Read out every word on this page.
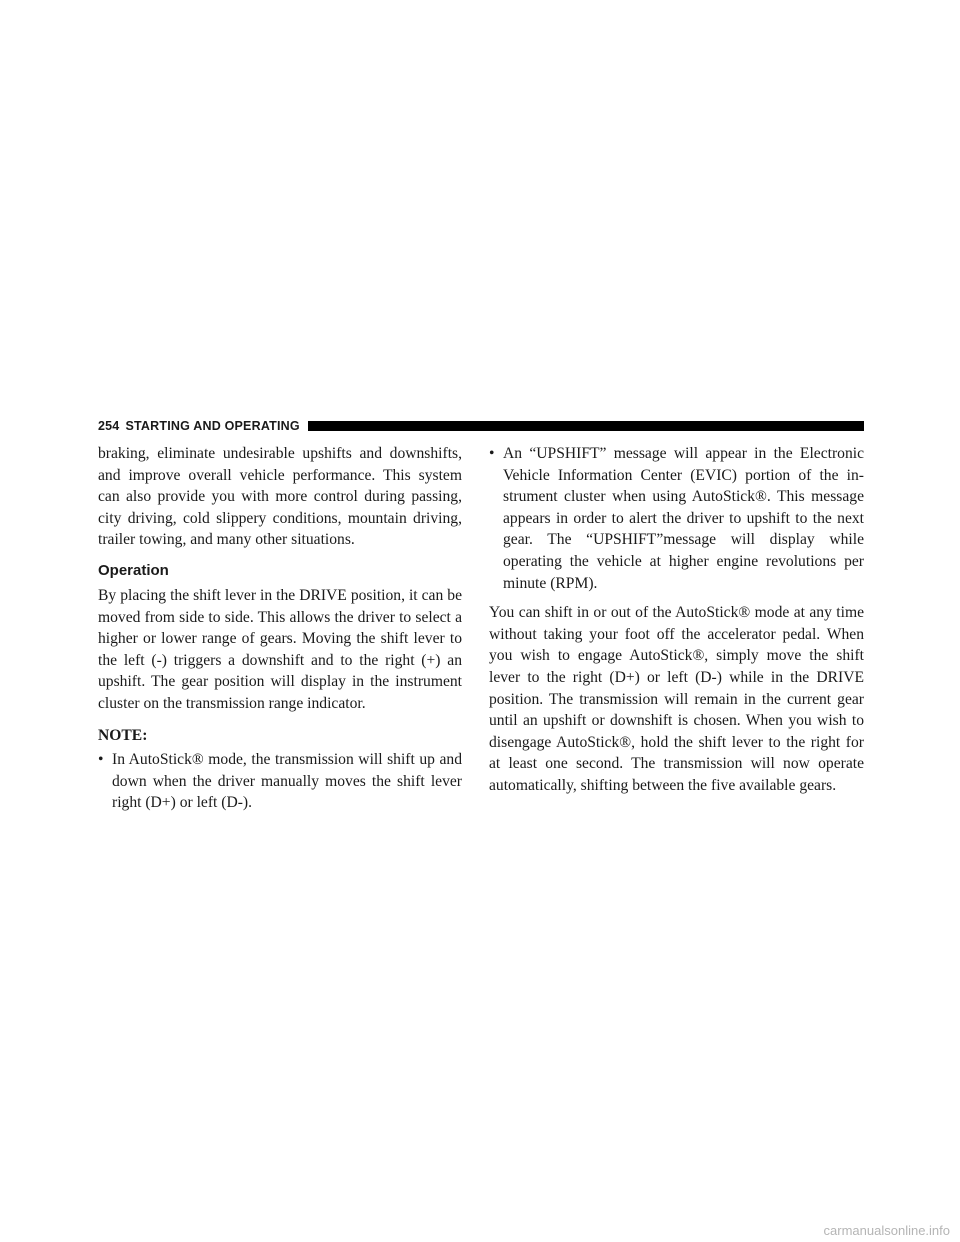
254 STARTING AND OPERATING

braking, eliminate undesirable upshifts and downshifts, and improve overall vehicle performance. This system can also provide you with more control during passing, city driving, cold slippery conditions, mountain driving, trailer towing, and many other situations.

Operation

By placing the shift lever in the DRIVE position, it can be moved from side to side. This allows the driver to select a higher or lower range of gears. Moving the shift lever to the left (-) triggers a downshift and to the right (+) an upshift. The gear position will display in the instrument cluster on the transmission range indicator.

NOTE:
• In AutoStick® mode, the transmission will shift up and down when the driver manually moves the shift lever right (D+) or left (D-).
• An “UPSHIFT” message will appear in the Electronic Vehicle Information Center (EVIC) portion of the in-strument cluster when using AutoStick®. This message appears in order to alert the driver to upshift to the next gear. The “UPSHIFT”message will display while operating the vehicle at higher engine revolutions per minute (RPM).

You can shift in or out of the AutoStick® mode at any time without taking your foot off the accelerator pedal. When you wish to engage AutoStick®, simply move the shift lever to the right (D+) or left (D-) while in the DRIVE position. The transmission will remain in the current gear until an upshift or downshift is chosen. When you wish to disengage AutoStick®, hold the shift lever to the right for at least one second. The transmission will now operate automatically, shifting between the five available gears.

carmanualsonline.info
